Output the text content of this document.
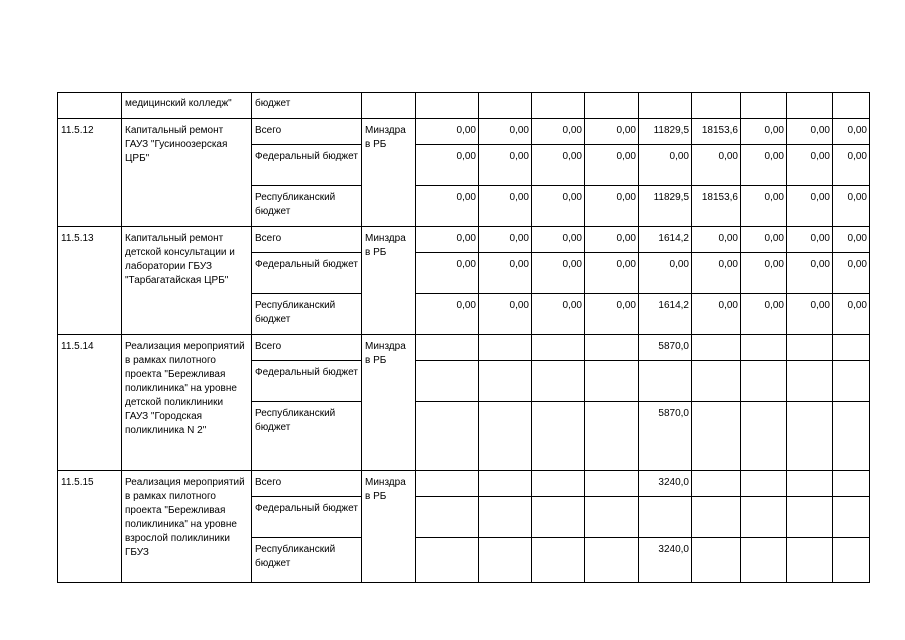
	медицинский колледж"	бюджет										
11.5.12	Капитальный ремонт ГАУЗ "Гусиноозерская ЦРБ"	Всего	Минздра в РБ	0,00	0,00	0,00	0,00	11829,5	18153,6	0,00	0,00	0,00
		Федеральный бюджет		0,00	0,00	0,00	0,00	0,00	0,00	0,00	0,00	0,00
		Республиканский бюджет		0,00	0,00	0,00	0,00	11829,5	18153,6	0,00	0,00	0,00
11.5.13	Капитальный ремонт детской консультации и лаборатории ГБУЗ "Тарбагатайская ЦРБ"	Всего	Минздра в РБ	0,00	0,00	0,00	0,00	1614,2	0,00	0,00	0,00	0,00
		Федеральный бюджет		0,00	0,00	0,00	0,00	0,00	0,00	0,00	0,00	0,00
		Республиканский бюджет		0,00	0,00	0,00	0,00	1614,2	0,00	0,00	0,00	0,00
11.5.14	Реализация мероприятий в рамках пилотного проекта "Бережливая поликлиника" на уровне детской поликлиники ГАУЗ "Городская поликлиника N 2"	Всего	Минздра в РБ					5870,0				
		Федеральный бюджет										
		Республиканский бюджет						5870,0				
11.5.15	Реализация мероприятий в рамках пилотного проекта "Бережливая поликлиника" на уровне взрослой поликлиники ГБУЗ	Всего	Минздра в РБ					3240,0				
		Федеральный бюджет										
		Республиканский бюджет						3240,0				
